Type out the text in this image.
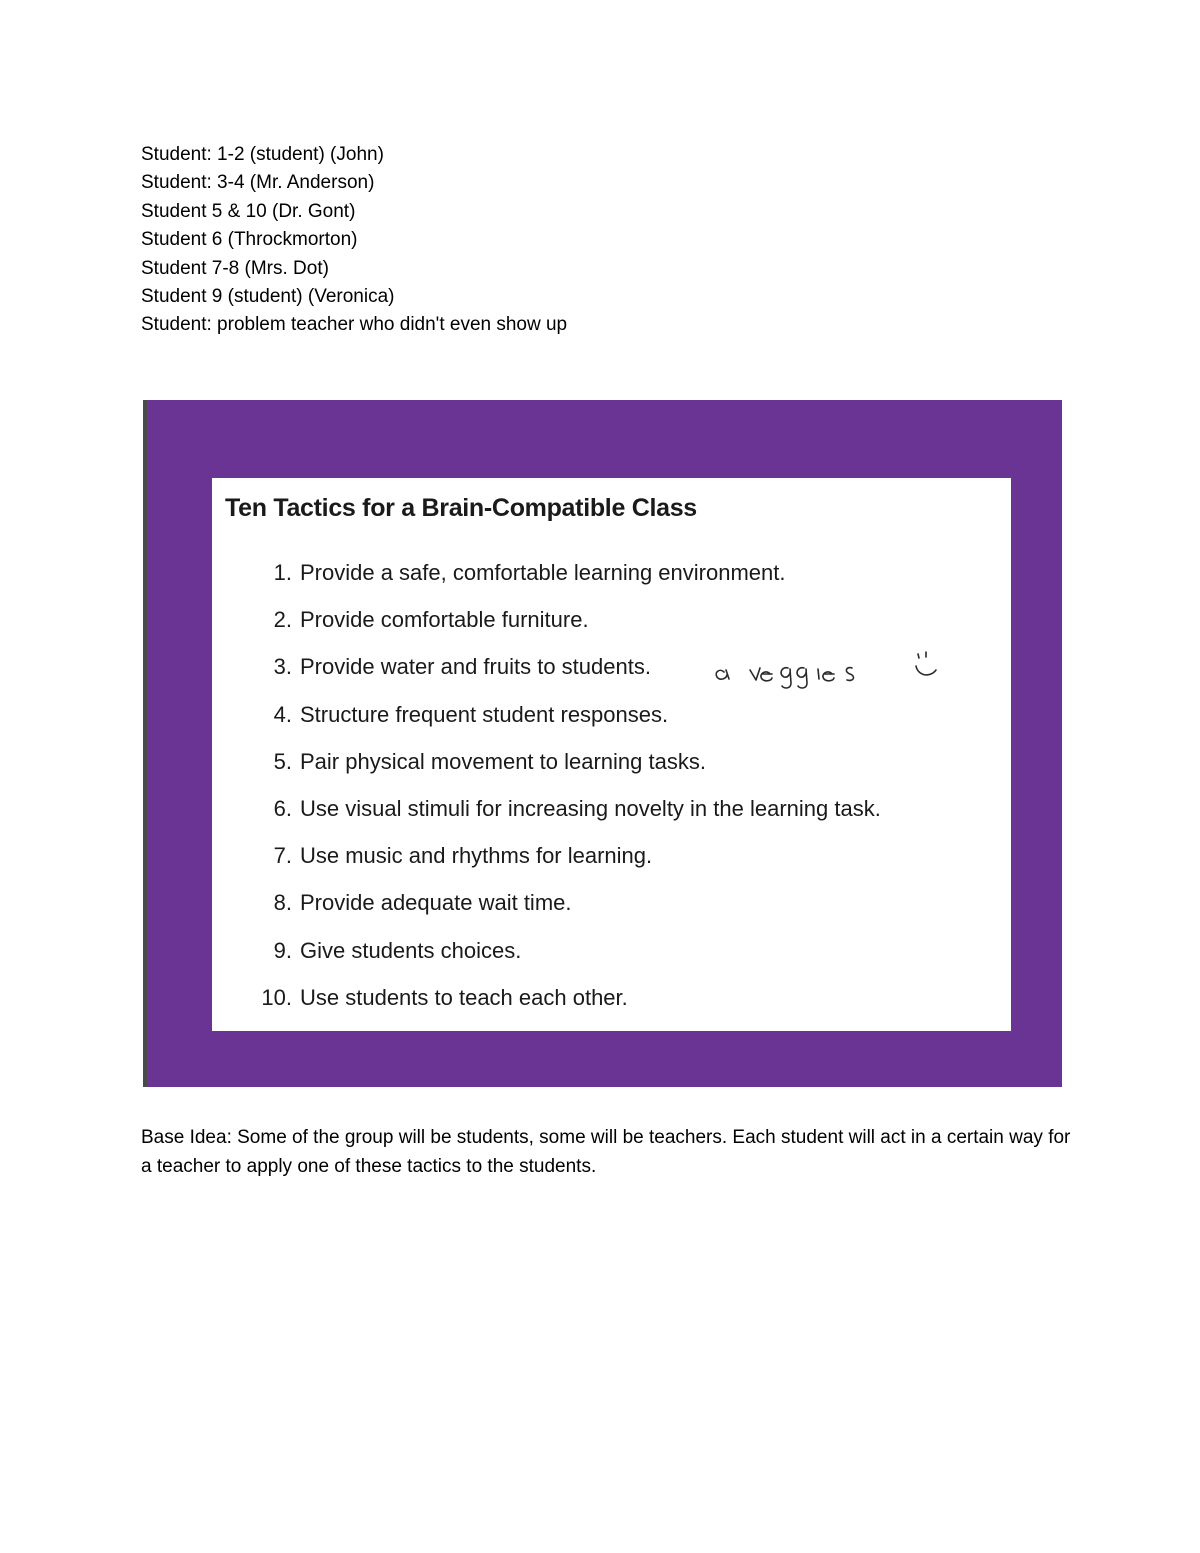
Student: 1-2 (student) (John)
Student: 3-4 (Mr. Anderson)
Student 5 & 10 (Dr. Gont)
Student 6 (Throckmorton)
Student 7-8 (Mrs. Dot)
Student 9 (student) (Veronica)
Student: problem teacher who didn't even show up
Ten Tactics for a Brain-Compatible Class
1. Provide a safe, comfortable learning environment.
2. Provide comfortable furniture.
3. Provide water and fruits to students.
4. Structure frequent student responses.
5. Pair physical movement to learning tasks.
6. Use visual stimuli for increasing novelty in the learning task.
7. Use music and rhythms for learning.
8. Provide adequate wait time.
9. Give students choices.
10. Use students to teach each other.
Base Idea: Some of the group will be students, some will be teachers. Each student will act in a certain way for a teacher to apply one of these tactics to the students.
